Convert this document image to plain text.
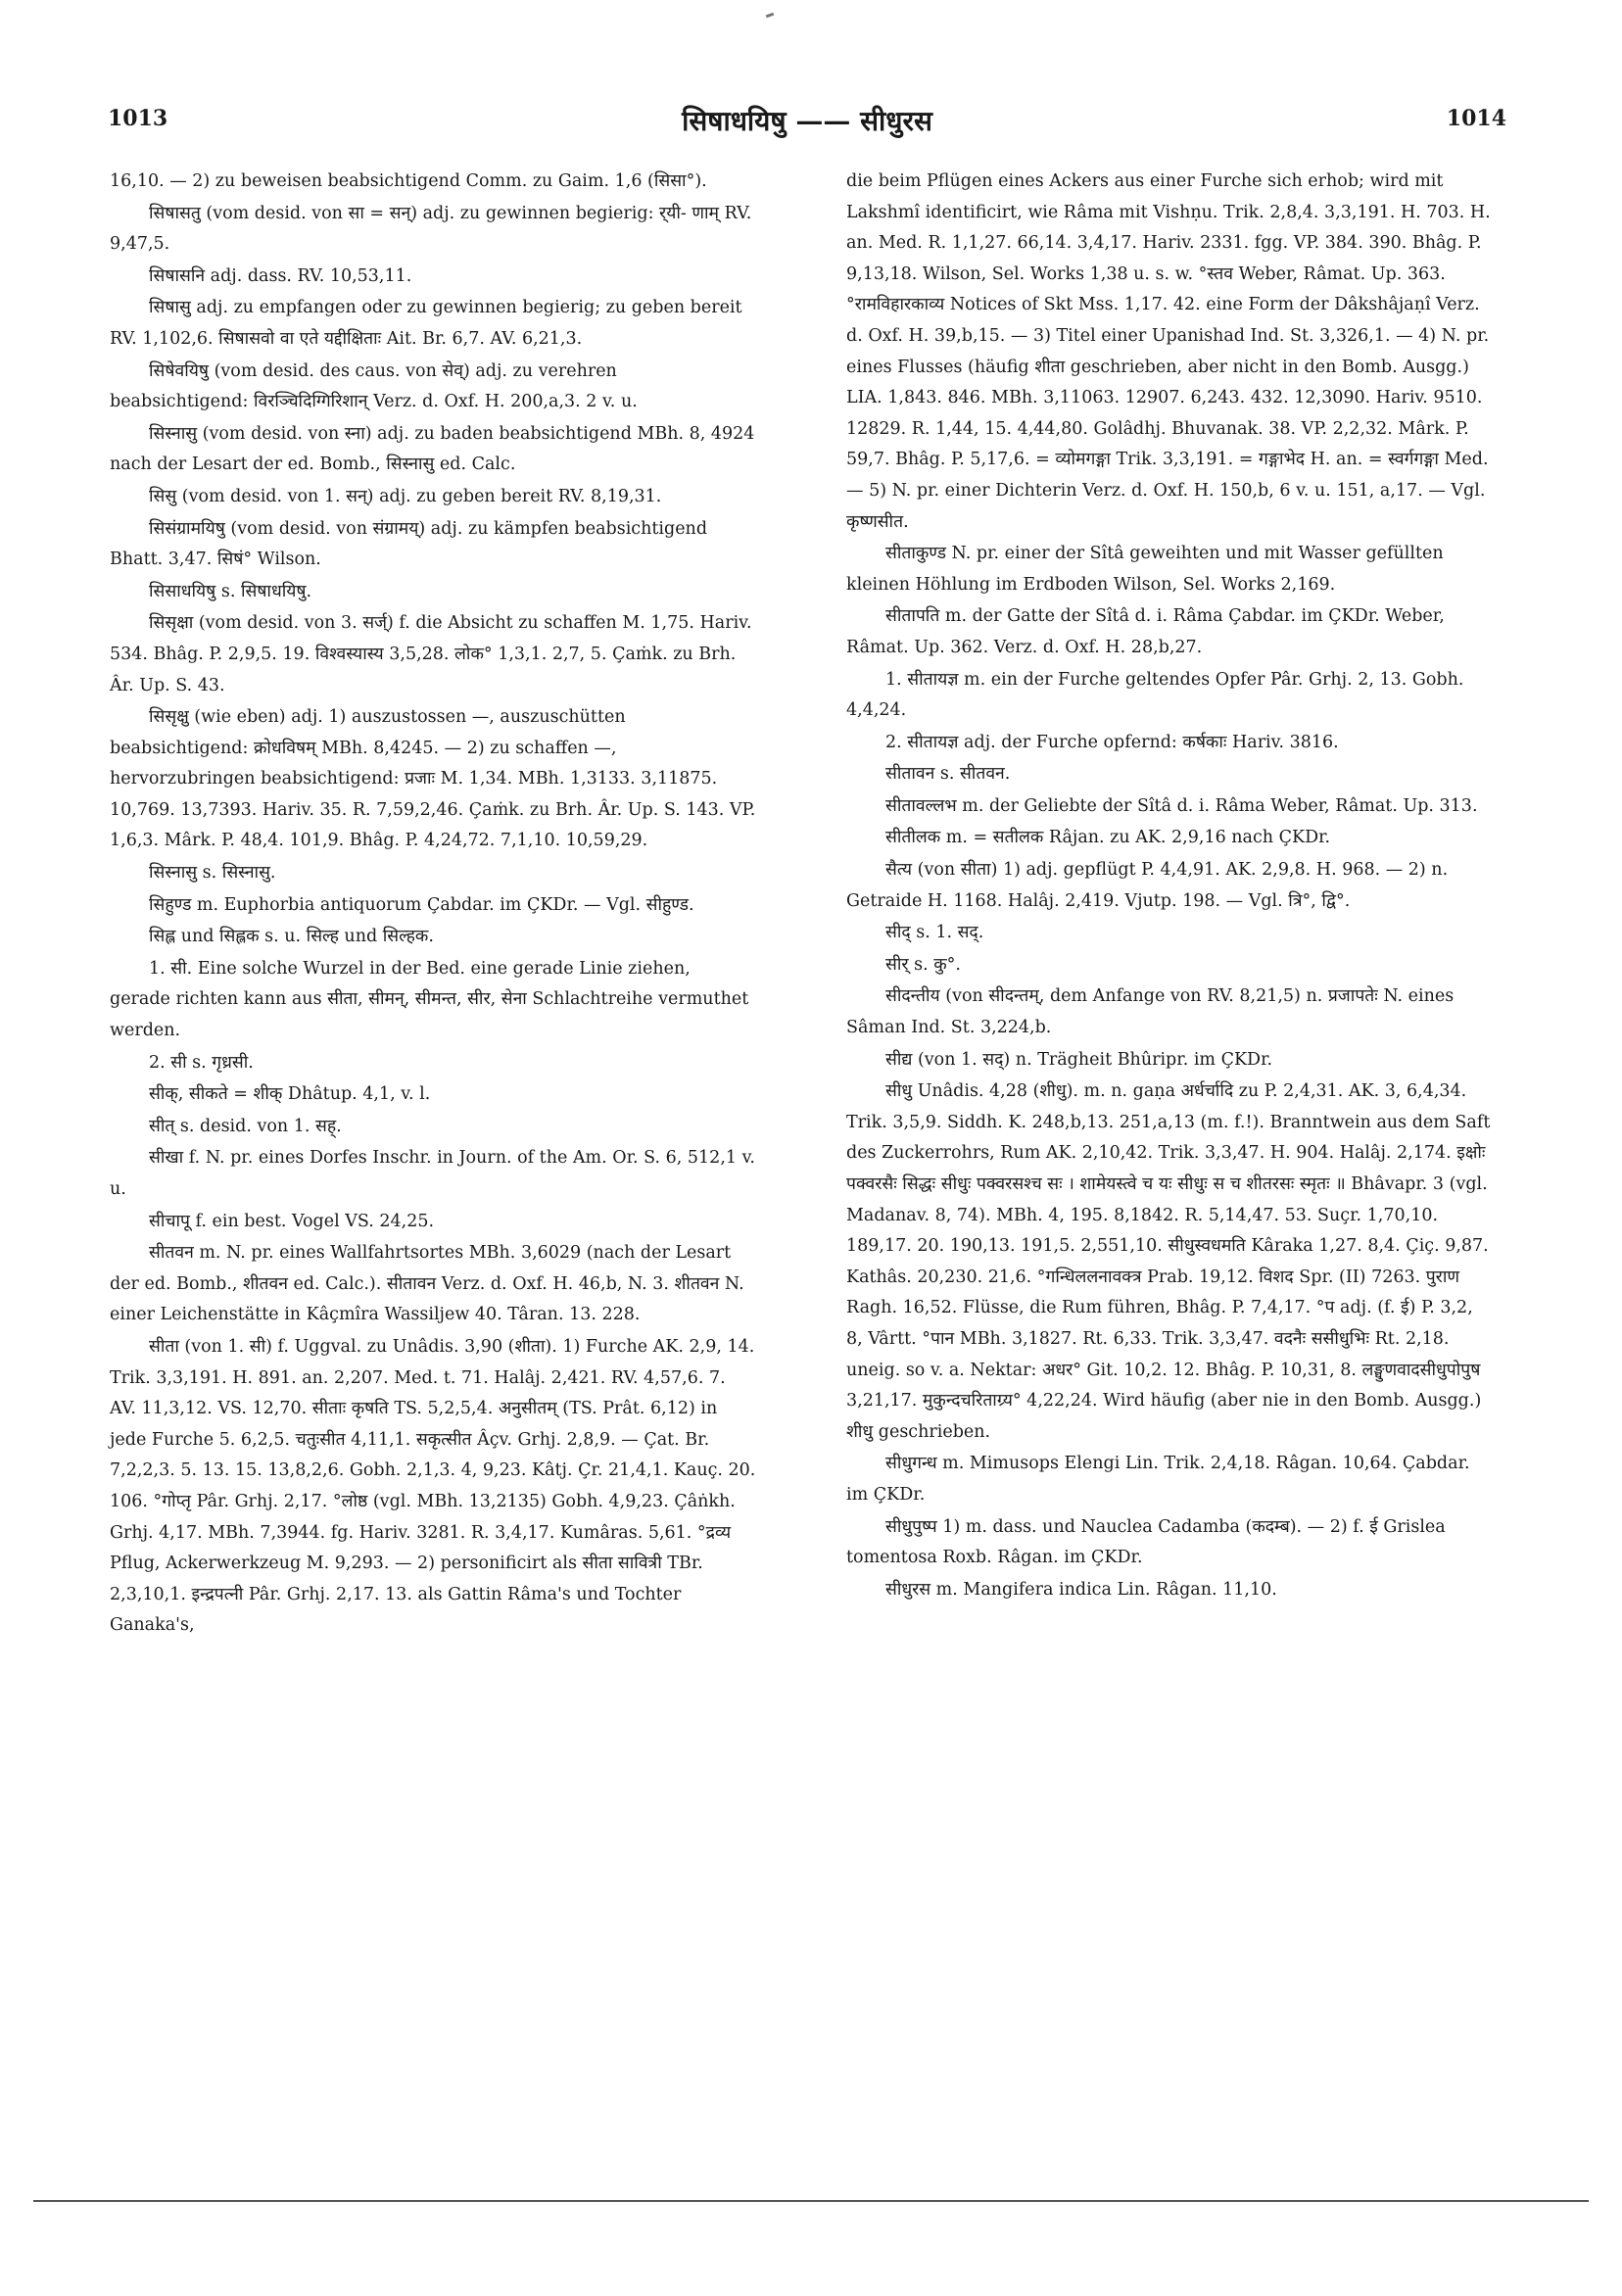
1013	सिषाधयिषु —— सीधुरस	1014

16,10. — 2) zu beweisen beabsichtigend Comm. zu Gaim. 1,6 (सिसा°).

सिषासतु (vom desid. von सा = सन्) adj. zu gewinnen begierig: र्‌यी- णाम् RV. 9,47,5.

सिषासनि adj. dass. RV. 10,53,11.

सिषासु adj. zu empfangen oder zu gewinnen begierig; zu geben bereit RV. 1,102,6. सिषासवो वा एते यद्दीक्षिताः Ait. Br. 6,7. AV. 6,21,3.

सिषेवयिषु (vom desid. des caus. von सेव्) adj. zu verehren beabsichtigend: विरञ्चिदिग्गिरिशान् Verz. d. Oxf. H. 200,a,3. 2 v. u.

सिस्नासु (vom desid. von स्ना) adj. zu baden beabsichtigend MBh. 8, 4924 nach der Lesart der ed. Bomb., सिस्नासु ed. Calc.

सिसु (vom desid. von 1. सन्) adj. zu geben bereit RV. 8,19,31.

सिसंग्रामयिषु (vom desid. von संग्रामय्) adj. zu kämpfen beabsichtigend Bhatt. 3,47. सिषं° Wilson.

सिसाधयिषु s. सिषाधयिषु.

सिसृक्षा (vom desid. von 3. सर्ज्) f. die Absicht zu schaffen M. 1,75. Hariv. 534. Bhâg. P. 2,9,5. 19. विश्वस्यास्य 3,5,28. लोक° 1,3,1. 2,7, 5. Çaṁk. zu Brh. Âr. Up. S. 43.

सिसृक्षु (wie eben) adj. 1) auszustossen —, auszuschütten beabsichtigend: क्रोधविषम् MBh. 8,4245. — 2) zu schaffen —, hervorzubringen beabsichtigend: प्रजाः M. 1,34. MBh. 1,3133. 3,11875. 10,769. 13,7393. Hariv. 35. R. 7,59,2,46. Çaṁk. zu Brh. Âr. Up. S. 143. VP. 1,6,3. Mârk. P. 48,4. 101,9. Bhâg. P. 4,24,72. 7,1,10. 10,59,29.

सिस्नासु s. सिस्नासु.

सिहुण्ड m. Euphorbia antiquorum Çabdar. im ÇKDr. — Vgl. सीहुण्ड.

सिह्ल und सिह्लक s. u. सिल्ह und सिल्हक.

1. सी. Eine solche Wurzel in der Bed. eine gerade Linie ziehen, gerade richten kann aus सीता, सीमन्, सीमन्त, सीर, सेना Schlachtreihe vermuthet werden.

2. सी s. गृध्रसी.

सीक्, सीकते = शीक् Dhâtup. 4,1, v. l.

सीत् s. desid. von 1. सह्.

सीखा f. N. pr. eines Dorfes Inschr. in Journ. of the Am. Or. S. 6, 512,1 v. u.

सीचापू f. ein best. Vogel VS. 24,25.

सीतवन m. N. pr. eines Wallfahrtsortes MBh. 3,6029 (nach der Lesart der ed. Bomb., शीतवन ed. Calc.). सीतावन Verz. d. Oxf. H. 46,b, N. 3. शीतवन N. einer Leichenstätte in Kâçmîra Wassiljew 40. Târan. 13. 228.

सीता (von 1. सी) f. Uggval. zu Unâdis. 3,90 (शीता). 1) Furche AK. 2,9, 14. Trik. 3,3,191. H. 891. an. 2,207. Med. t. 71. Halâj. 2,421. RV. 4,57,6. 7. AV. 11,3,12. VS. 12,70. सीताः कृषति TS. 5,2,5,4. अनुसीतम् (TS. Prât. 6,12) in jede Furche 5. 6,2,5. चतुःसीत 4,11,1. सकृत्सीत Âçv. Grhj. 2,8,9. — Çat. Br. 7,2,2,3. 5. 13. 15. 13,8,2,6. Gobh. 2,1,3. 4, 9,23. Kâtj. Çr. 21,4,1. Kauç. 20. 106. °गोप्तृ Pâr. Grhj. 2,17. °लोष्ठ (vgl. MBh. 13,2135) Gobh. 4,9,23. Çâṅkh. Grhj. 4,17. MBh. 7,3944. fg. Hariv. 3281. R. 3,4,17. Kumâras. 5,61. °द्रव्य Pflug, Ackerwerkzeug M. 9,293. — 2) personificirt als सीता सावित्री TBr. 2,3,10,1. इन्द्रपत्नी Pâr. Grhj. 2,17. 13. als Gattin Râma's und Tochter Ganaka's,

die beim Pflügen eines Ackers aus einer Furche sich erhob; wird mit Lakshmî identificirt, wie Râma mit Vishṇu. Trik. 2,8,4. 3,3,191. H. 703. H. an. Med. R. 1,1,27. 66,14. 3,4,17. Hariv. 2331. fgg. VP. 384. 390. Bhâg. P. 9,13,18. Wilson, Sel. Works 1,38 u. s. w. °स्तव Weber, Râmat. Up. 363. °रामविहारकाव्य Notices of Skt Mss. 1,17. 42. eine Form der Dâkshâjaṇî Verz. d. Oxf. H. 39,b,15. — 3) Titel einer Upanishad Ind. St. 3,326,1. — 4) N. pr. eines Flusses (häufig शीता geschrieben, aber nicht in den Bomb. Ausgg.) LIA. 1,843. 846. MBh. 3,11063. 12907. 6,243. 432. 12,3090. Hariv. 9510. 12829. R. 1,44, 15. 4,44,80. Golâdhj. Bhuvanak. 38. VP. 2,2,32. Mârk. P. 59,7. Bhâg. P. 5,17,6. = व्योमगङ्गा Trik. 3,3,191. = गङ्गाभेद H. an. = स्वर्गगङ्गा Med. — 5) N. pr. einer Dichterin Verz. d. Oxf. H. 150,b, 6 v. u. 151, a,17. — Vgl. कृष्णसीत.

सीताकुण्ड N. pr. einer der Sîtâ geweihten und mit Wasser gefüllten kleinen Höhlung im Erdboden Wilson, Sel. Works 2,169.

सीतापति m. der Gatte der Sîtâ d. i. Râma Çabdar. im ÇKDr. Weber, Râmat. Up. 362. Verz. d. Oxf. H. 28,b,27.

1. सीतायज्ञ m. ein der Furche geltendes Opfer Pâr. Grhj. 2, 13. Gobh. 4,4,24.

2. सीतायज्ञ adj. der Furche opfernd: कर्षकाः Hariv. 3816.

सीतावन s. सीतवन.

सीतावल्लभ m. der Geliebte der Sîtâ d. i. Râma Weber, Râmat. Up. 313.

सीतीलक m. = सतीलक Râjan. zu AK. 2,9,16 nach ÇKDr.

सैत्य (von सीता) 1) adj. gepflügt P. 4,4,91. AK. 2,9,8. H. 968. — 2) n. Getraide H. 1168. Halâj. 2,419. Vjutp. 198. — Vgl. त्रि°, द्वि°.

सीद् s. 1. सद्.

सीर् s. कु°.

सीदन्तीय (von सीदन्तम्, dem Anfange von RV. 8,21,5) n. प्रजापतेः N. eines Sâman Ind. St. 3,224,b.

सीद्य (von 1. सद्) n. Trägheit Bhûripr. im ÇKDr.

सीधु Unâdis. 4,28 (शीधु). m. n. gaṇa अर्धर्चादि zu P. 2,4,31. AK. 3, 6,4,34. Trik. 3,5,9. Siddh. K. 248,b,13. 251,a,13 (m. f.!). Branntwein aus dem Saft des Zuckerrohrs, Rum AK. 2,10,42. Trik. 3,3,47. H. 904. Halâj. 2,174. इक्षोः पक्वरसैः सिद्धः सीधुः पक्वरसश्च सः । शामेयस्त्वे च यः सीधुः स च शीतरसः स्मृतः ॥ Bhâvapr. 3 (vgl. Madanav. 8, 74). MBh. 4, 195. 8,1842. R. 5,14,47. 53. Suçr. 1,70,10. 189,17. 20. 190,13. 191,5. 2,551,10. सीधुस्वधमति Kâraka 1,27. 8,4. Çiç. 9,87. Kathâs. 20,230. 21,6. °गन्धिललनावक्त्र Prab. 19,12. विशद Spr. (II) 7263. पुराण Ragh. 16,52. Flüsse, die Rum führen, Bhâg. P. 7,4,17. °प adj. (f. ई) P. 3,2, 8, Vârtt. °पान MBh. 3,1827. Rt. 6,33. Trik. 3,3,47. वदनैः ससीधुभिः Rt. 2,18. uneig. so v. a. Nektar: अधर° Git. 10,2. 12. Bhâg. P. 10,31, 8. लङ्घुणवादसीधुपोपुष 3,21,17. मुकुन्दचरिताग्र्य° 4,22,24. Wird häufig (aber nie in den Bomb. Ausgg.) शीधु geschrieben.

सीधुगन्ध m. Mimusops Elengi Lin. Trik. 2,4,18. Râgan. 10,64. Çabdar. im ÇKDr.

सीधुपुष्प 1) m. dass. und Nauclea Cadamba (कदम्ब). — 2) f. ई Grislea tomentosa Roxb. Râgan. im ÇKDr.

सीधुरस m. Mangifera indica Lin. Râgan. 11,10.
